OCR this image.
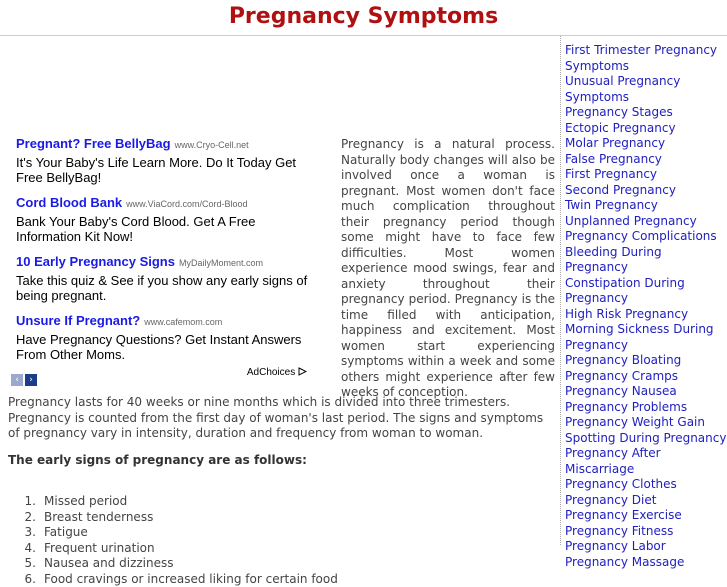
Pregnancy Symptoms
Pregnant? Free BellyBag www.Cryo-Cell.net
It's Your Baby's Life Learn More. Do It Today Get Free BellyBag!
Cord Blood Bank www.ViaCord.com/Cord-Blood
Bank Your Baby's Cord Blood. Get A Free Information Kit Now!
10 Early Pregnancy Signs MyDailyMoment.com
Take this quiz & See if you show any early signs of being pregnant.
Unsure If Pregnant? www.cafemom.com
Have Pregnancy Questions? Get Instant Answers From Other Moms.
‹ ›
AdChoices

Pregnancy is a natural process. Naturally body changes will also be involved once a woman is pregnant. Most women don't face much complication throughout their pregnancy period though some might have to face few difficulties. Most women experience mood swings, fear and anxiety throughout their pregnancy period. Pregnancy is the time filled with anticipation, happiness and excitement. Most women start experiencing symptoms within a week and some others might experience after few weeks of conception.

Pregnancy lasts for 40 weeks or nine months which is divided into three trimesters. Pregnancy is counted from the first day of woman's last period. The signs and symptoms of pregnancy vary in intensity, duration and frequency from woman to woman.

The early signs of pregnancy are as follows:

1. Missed period
2. Breast tenderness
3. Fatigue
4. Frequent urination
5. Nausea and dizziness
6. Food cravings or increased liking for certain food
First Trimester Pregnancy Symptoms
Unusual Pregnancy Symptoms
Pregnancy Stages
Ectopic Pregnancy
Molar Pregnancy
False Pregnancy
First Pregnancy
Second Pregnancy
Twin Pregnancy
Unplanned Pregnancy
Pregnancy Complications
Bleeding During Pregnancy
Constipation During Pregnancy
High Risk Pregnancy
Morning Sickness During Pregnancy
Pregnancy Bloating
Pregnancy Cramps
Pregnancy Nausea
Pregnancy Problems
Pregnancy Weight Gain
Spotting During Pregnancy
Pregnancy After Miscarriage
Pregnancy Clothes
Pregnancy Diet
Pregnancy Exercise
Pregnancy Fitness
Pregnancy Labor
Pregnancy Massage
